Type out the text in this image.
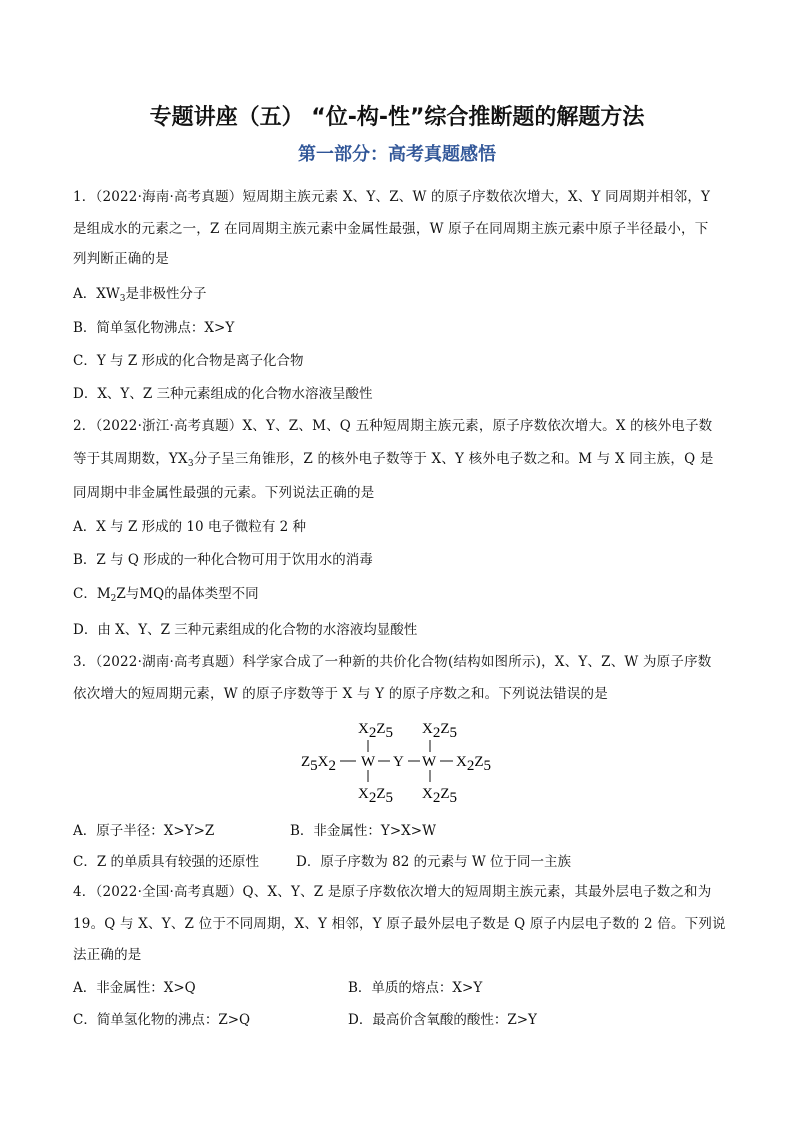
专题讲座（五） “位-构-性”综合推断题的解题方法
第一部分：高考真题感悟
1．（2022·海南·高考真题）短周期主族元素 X、Y、Z、W 的原子序数依次增大，X、Y 同周期并相邻，Y
是组成水的元素之一，Z 在同周期主族元素中金属性最强，W 原子在同周期主族元素中原子半径最小，下
列判断正确的是
A．$XW_3$是非极性分子
B．简单氢化物沸点：X>Y
C．Y 与 Z 形成的化合物是离子化合物
D．X、Y、Z 三种元素组成的化合物水溶液呈酸性
2．（2022·浙江·高考真题）X、Y、Z、M、Q 五种短周期主族元素，原子序数依次增大。X 的核外电子数
等于其周期数，$YX_3$分子呈三角锥形，Z 的核外电子数等于 X、Y 核外电子数之和。M 与 X 同主族，Q 是
同周期中非金属性最强的元素。下列说法正确的是
A．X 与 Z 形成的 10 电子微粒有 2 种
B．Z 与 Q 形成的一种化合物可用于饮用水的消毒
C．$M_2Z$与MQ的晶体类型不同
D．由 X、Y、Z 三种元素组成的化合物的水溶液均显酸性
3．（2022·湖南·高考真题）科学家合成了一种新的共价化合物(结构如图所示)，X、Y、Z、W 为原子序数
依次增大的短周期元素，W 的原子序数等于 X 与 Y 的原子序数之和。下列说法错误的是
X2Z5 X2Z5
Z5X2 W Y W X2Z5
X2Z5 X2Z5
A．原子半径：X>Y>Z	B．非金属性：Y>X>W
C．Z 的单质具有较强的还原性	D．原子序数为 82 的元素与 W 位于同一主族
4．（2022·全国·高考真题）Q、X、Y、Z 是原子序数依次增大的短周期主族元素，其最外层电子数之和为
19。Q 与 X、Y、Z 位于不同周期，X、Y 相邻，Y 原子最外层电子数是 Q 原子内层电子数的 2 倍。下列说
法正确的是
A．非金属性：X>Q	B．单质的熔点：X>Y
C．简单氢化物的沸点：Z>Q	D．最高价含氧酸的酸性：Z>Y
